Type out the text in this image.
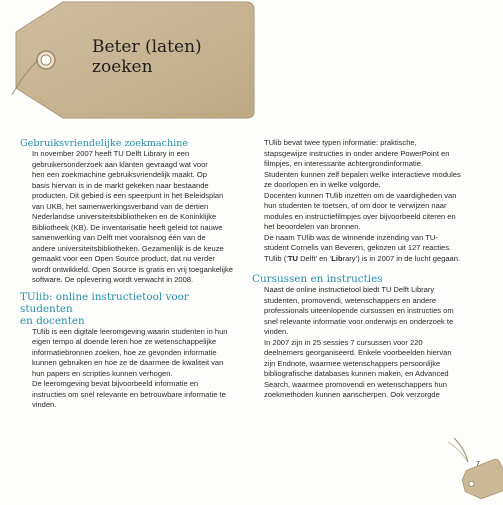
Beter (laten)
zoeken
Gebruiksvriendelijke zoekmachine

In november 2007 heeft TU Delft Library in een

gebruikersonderzoek aan klanten gevraagd wat voor

hen een zoekmachine gebruiksvriendelijk maakt. Op

basis hiervan is in de markt gekeken naar bestaande

producten. Dit gebied is een speerpunt in het Beleidsplan

van UKB, het samenwerkingsverband van de dertien

Nederlandse universiteitsbibliotheken en de Koninklijke

Bibliotheek (KB). De inventarisatie heeft geleid tot nauwe

samenwerking van Delft met vooralsnog één van de

andere universiteitsbibliotheken. Gezamenlijk is de keuze

gemaakt voor een Open Source product, dat nu verder

wordt ontwikkeld. Open Source is gratis en vrij toegankelijke

software. De oplevering wordt verwacht in 2008.

TUlib: online instructietool voor studenten
en docenten

TUlib is een digitale leeromgeving waarin studenten in hun

eigen tempo al doende leren hoe ze wetenschappelijke

informatiebronnen zoeken, hoe ze gevonden informatie

kunnen gebruiken en hoe ze de daarmee de kwaliteit van

hun papers en scripties kunnen verhogen.

De leeromgeving bevat bijvoorbeeld informatie en

instructies om snel relevante en betrouwbare informatie te

vinden.

TUlib bevat twee typen informatie: praktische,

stapsgewijze instructies in onder andere PowerPoint en

filmpjes, en interessante achtergrondinformatie.

Studenten kunnen zelf bepalen welke interactieve modules

ze doorlopen en in welke volgorde.

Docenten kunnen TUlib inzetten om de vaardigheden van

hun studenten te toetsen, of om door te verwijzen naar

modules en instructiefilmpjes over bijvoorbeeld citeren en

het beoordelen van bronnen.

De naam TUlib was de winnende inzending van TU-

student Cornelis van Beveren, gekozen uit 127 reacties.

TUlib (‘TU Delft’ en ‘Library’) is in 2007 in de lucht gegaan.

Cursussen en instructies

Naast de online instructietool biedt TU Delft Library

studenten, promovendi, wetenschappers en andere

professionals uiteenlopende cursussen en instructies om

snel relevante informatie voor onderwijs en onderzoek te

vinden.

In 2007 zijn in 25 sessies 7 cursussen voor 220

deelnemers georganiseerd. Enkele voorbeelden hiervan

zijn Endnote, waarmee wetenschappers persoonlijke

bibliografische databases kunnen maken, en Advanced

Search, waarmee promovendi en wetenschappers hun

zoekmethoden kunnen aanscherpen. Ook verzorgde

7
